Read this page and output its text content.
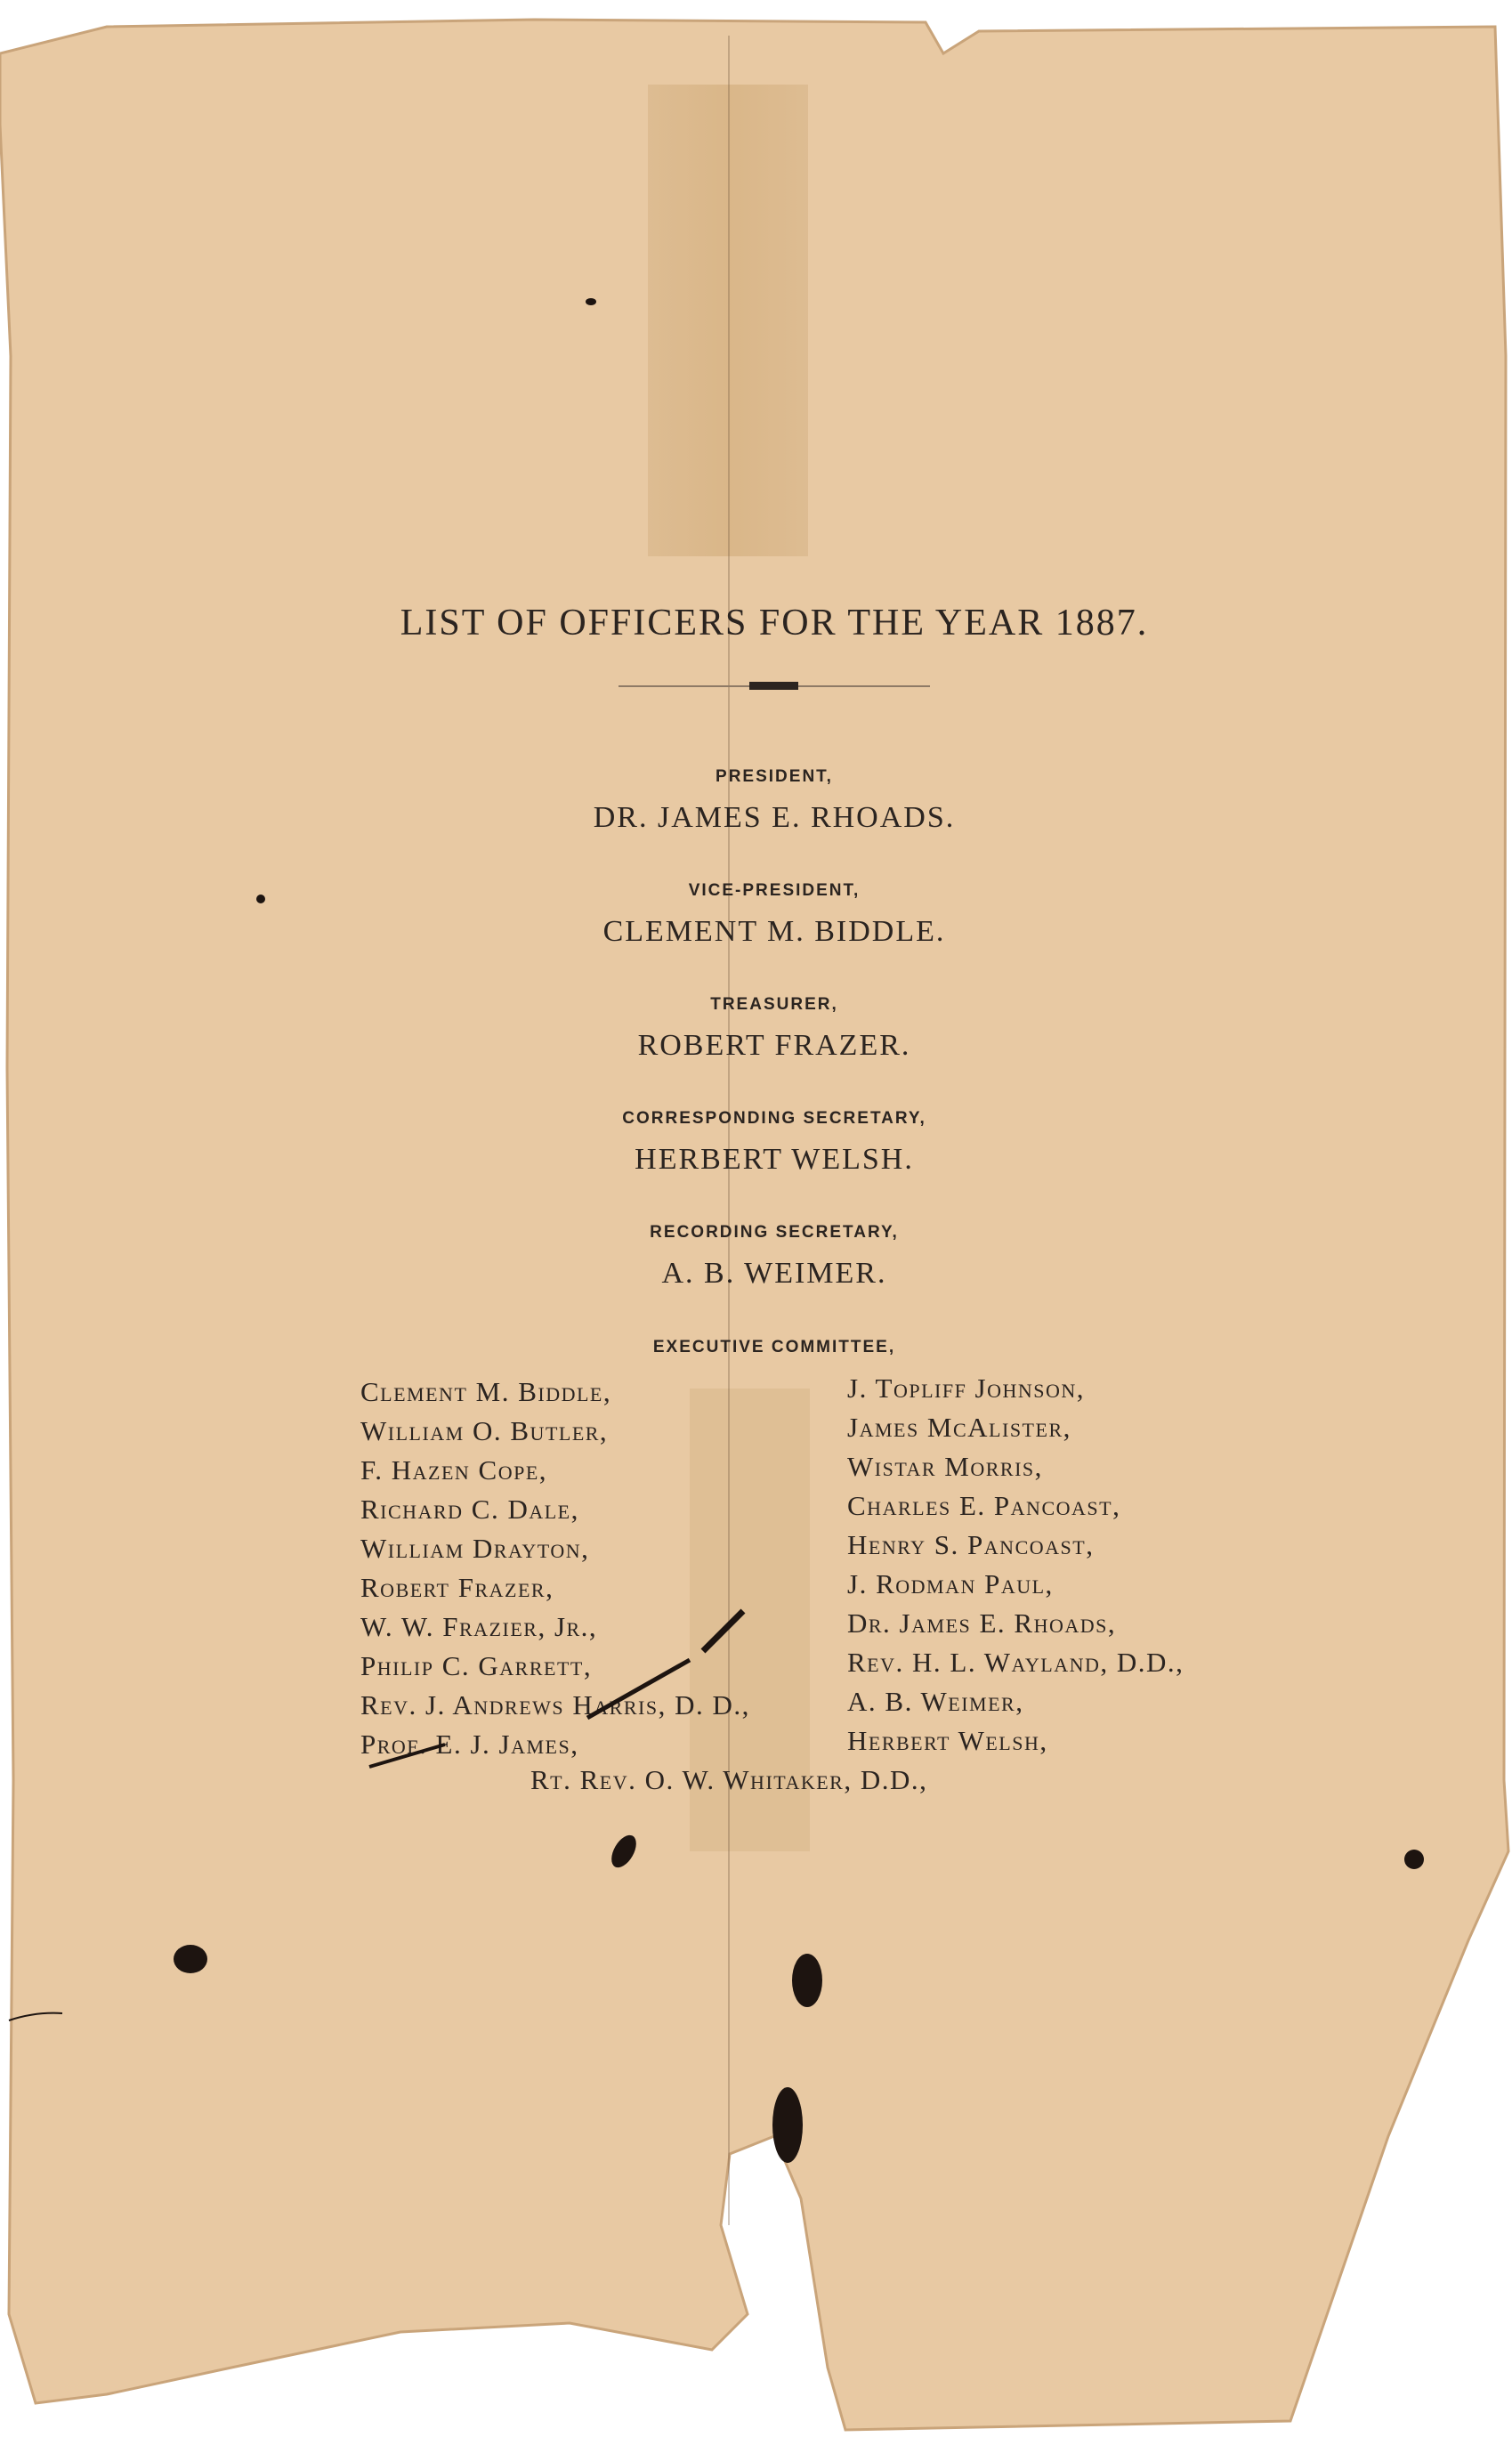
LIST OF OFFICERS FOR THE YEAR 1887.
PRESIDENT,
DR. JAMES E. RHOADS.
VICE-PRESIDENT,
CLEMENT M. BIDDLE.
TREASURER,
ROBERT FRAZER.
CORRESPONDING SECRETARY,
HERBERT WELSH.
RECORDING SECRETARY,
A. B. WEIMER.
EXECUTIVE COMMITTEE,
Clement M. Biddle,
William O. Butler,
F. Hazen Cope,
Richard C. Dale,
William Drayton,
Robert Frazer,
W. W. Frazier, Jr.,
Philip C. Garrett,
Rev. J. Andrews Harris, D. D.,
Prof. E. J. James,
J. Topliff Johnson,
James McAlister,
Wistar Morris,
Charles E. Pancoast,
Henry S. Pancoast,
J. Rodman Paul,
Dr. James E. Rhoads,
Rev. H. L. Wayland, D.D.,
A. B. Weimer,
Herbert Welsh,
Rt. Rev. O. W. Whitaker, D.D.,
